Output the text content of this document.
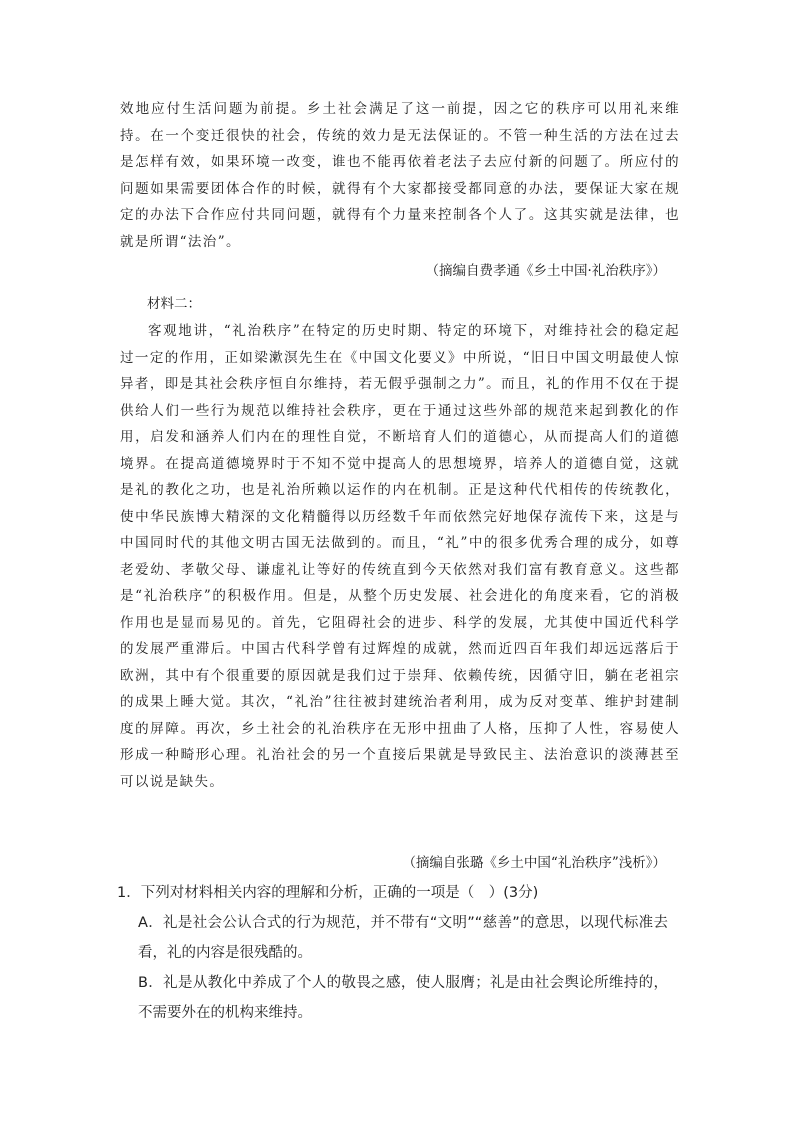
效地应付生活问题为前提。乡土社会满足了这一前提，因之它的秩序可以用礼来维持。在一个变迁很快的社会，传统的效力是无法保证的。不管一种生活的方法在过去是怎样有效，如果环境一改变，谁也不能再依着老法子去应付新的问题了。所应付的问题如果需要团体合作的时候，就得有个大家都接受都同意的办法，要保证大家在规定的办法下合作应付共同问题，就得有个力量来控制各个人了。这其实就是法律，也就是所谓“法治”。

（摘编自费孝通《乡土中国·礼治秩序》）
材料二：

客观地讲，“礼治秩序”在特定的历史时期、特定的环境下，对维持社会的稳定起过一定的作用，正如梁漱溟先生在《中国文化要义》中所说，“旧日中国文明最使人惊异者，即是其社会秩序恒自尔维持，若无假乎强制之力”。而且，礼的作用不仅在于提供给人们一些行为规范以维持社会秩序，更在于通过这些外部的规范来起到教化的作用，启发和涵养人们内在的理性自觉，不断培育人们的道德心，从而提高人们的道德境界。在提高道德境界时于不知不觉中提高人的思想境界，培养人的道德自觉，这就是礼的教化之功，也是礼治所赖以运作的内在机制。正是这种代代相传的传统教化，使中华民族博大精深的文化精髓得以历经数千年而依然完好地保存流传下来，这是与中国同时代的其他文明古国无法做到的。而且，“礼”中的很多优秀合理的成分，如尊老爱幼、孝敬父母、谦虚礼让等好的传统直到今天依然对我们富有教育意义。这些都是“礼治秩序”的积极作用。但是，从整个历史发展、社会进化的角度来看，它的消极作用也是显而易见的。首先，它阻碍社会的进步、科学的发展，尤其使中国近代科学的发展严重滞后。中国古代科学曾有过辉煌的成就，然而近四百年我们却远远落后于欧洲，其中有个很重要的原因就是我们过于崇拜、依赖传统，因循守旧，躺在老祖宗的成果上睡大觉。其次，“礼治”往往被封建统治者利用，成为反对变革、维护封建制度的屏障。再次，乡土社会的礼治秩序在无形中扭曲了人格，压抑了人性，容易使人形成一种畸形心理。礼治社会的另一个直接后果就是导致民主、法治意识的淡薄甚至可以说是缺失。

（摘编自张璐《乡土中国“礼治秩序”浅析》）
1．下列对材料相关内容的理解和分析，正确的一项是（　）(3分)
A．礼是社会公认合式的行为规范，并不带有“文明”“慈善”的意思，以现代标准去看，礼的内容是很残酷的。
B．礼是从教化中养成了个人的敬畏之感，使人服膺；礼是由社会舆论所维持的，不需要外在的机构来维持。
